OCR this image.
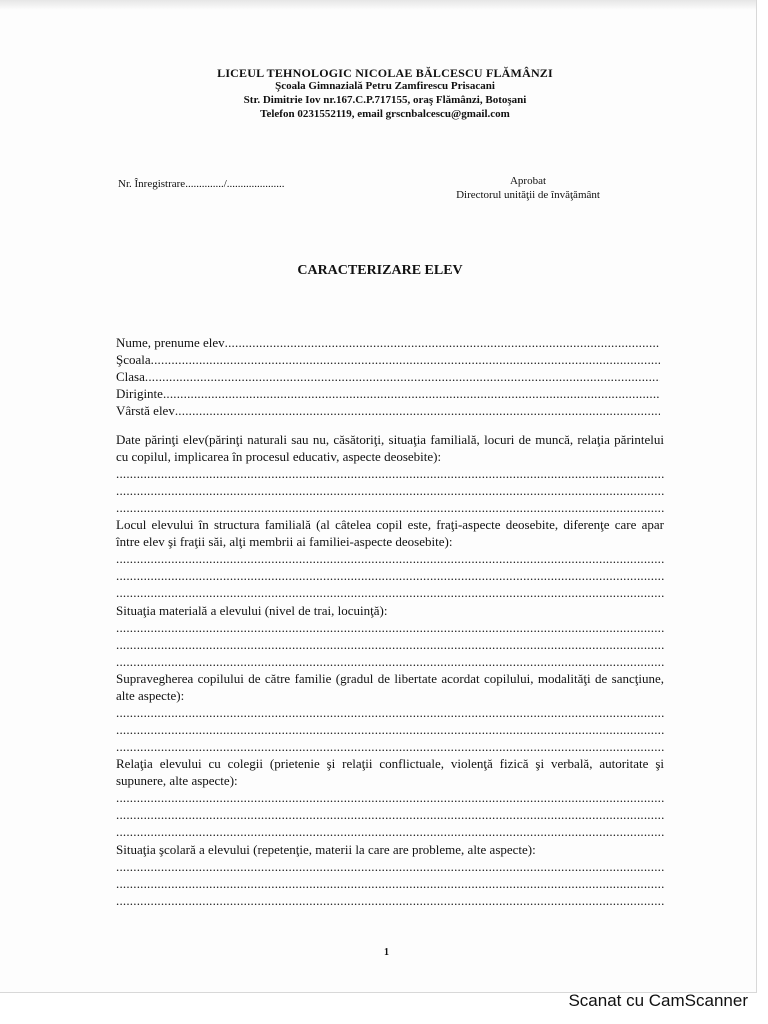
LICEUL TEHNOLOGIC NICOLAE BĂLCESCU FLĂMÂNZI
Şcoala Gimnazială Petru Zamfirescu Prisacani
Str. Dimitrie Iov nr.167.C.P.717155, oraş Flămânzi, Botoşani
Telefon 0231552119, email grscnbalcescu@gmail.com
Nr. Înregistrare............../.....................	Aprobat
Directorul unităţii de învăţământ
CARACTERIZARE ELEV
Nume, prenume elev
.....
Şcoala
.....
Clasa
.....
Diriginte
.....
Vârstă elev
.....
Date părinţi elev(părinţi naturali sau nu, căsătoriţi, situaţia familială, locuri de muncă, relaţia părintelui cu copilul, implicarea în procesul educativ, aspecte deosebite):
.....
.....
.....
Locul elevului în structura familială (al câtelea copil este, fraţi-aspecte deosebite, diferenţe care apar între elev şi fraţii săi, alţi membrii ai familiei-aspecte deosebite):
.....
.....
.....
Situaţia materială a elevului (nivel de trai, locuinţă):
.....
.....
.....
Supravegherea copilului de către familie (gradul de libertate acordat copilului, modalităţi de sancţiune, alte aspecte):
.....
.....
.....
Relaţia elevului cu colegii (prietenie şi relaţii conflictuale, violenţă fizică şi verbală, autoritate şi supunere, alte aspecte):
.....
.....
.....
Situaţia şcolară a elevului (repetenţie, materii la care are probleme, alte aspecte):
.....
.....
.....
1
Scanat cu CamScanner
